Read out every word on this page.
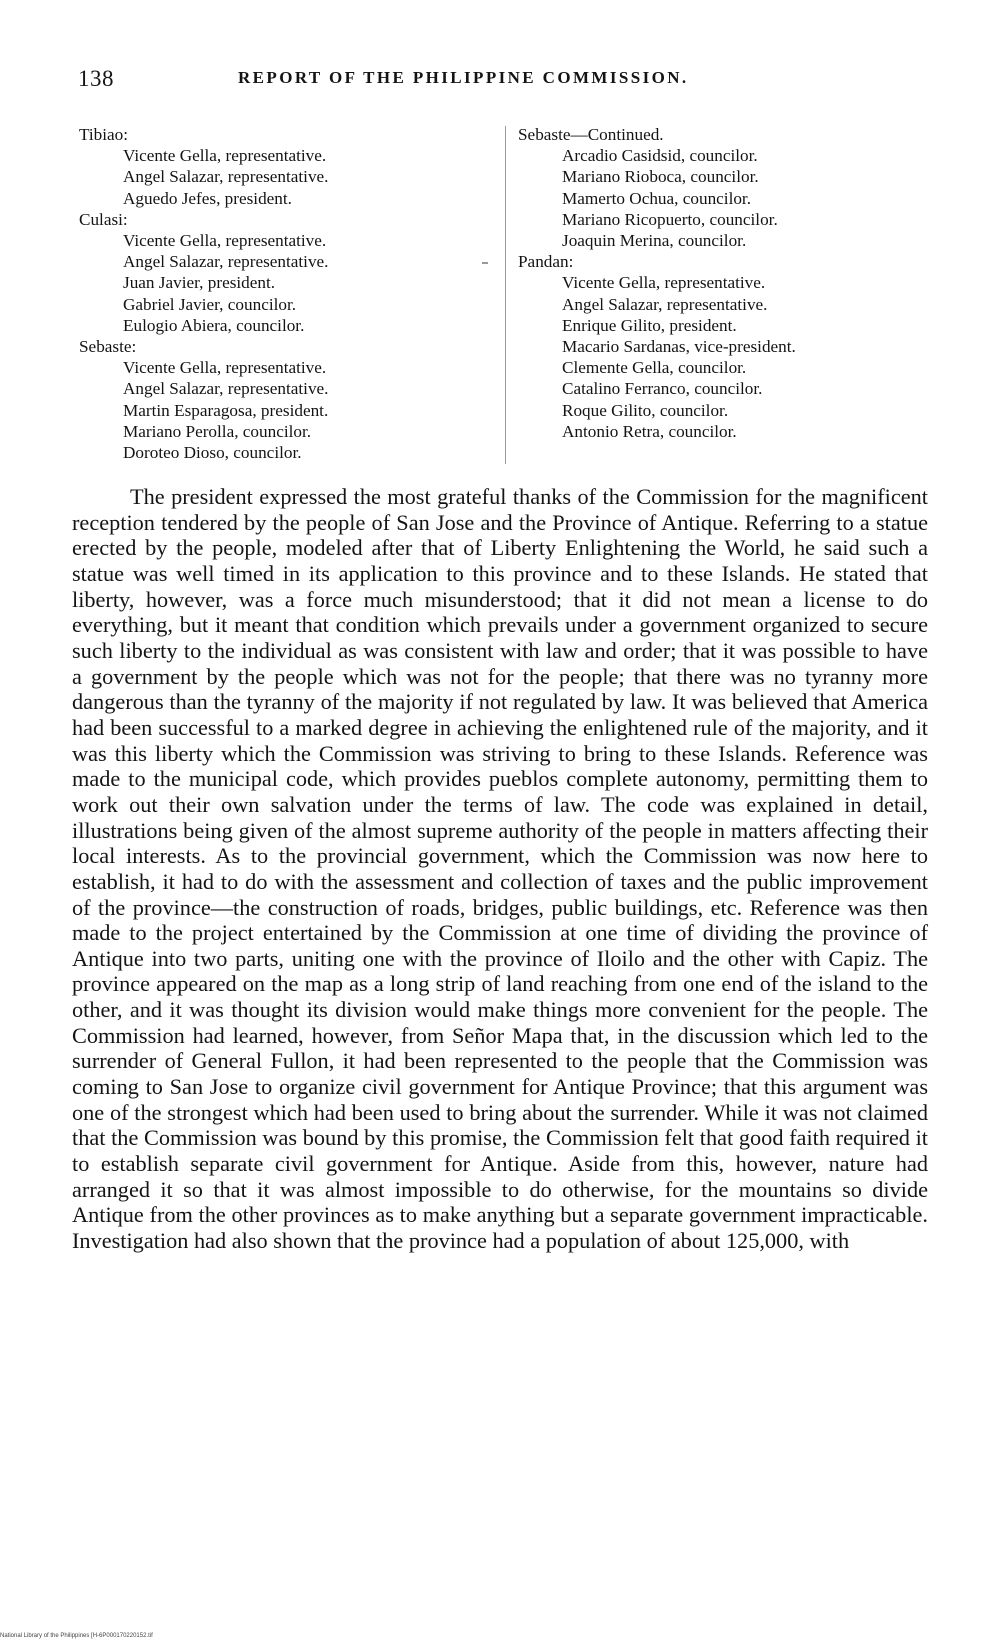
138	REPORT OF THE PHILIPPINE COMMISSION.

Tibiao:

Vicente Gella, representative.

Angel Salazar, representative.

Aguedo Jefes, president.

Culasi:

Vicente Gella, representative.

Angel Salazar, representative.

Juan Javier, president.

Gabriel Javier, councilor.

Eulogio Abiera, councilor.

Sebaste:

Vicente Gella, representative.

Angel Salazar, representative.

Martin Esparagosa, president.

Mariano Perolla, councilor.

Doroteo Dioso, councilor.

Sebaste—Continued.

Arcadio Casidsid, councilor.

Mariano Rioboca, councilor.

Mamerto Ochua, councilor.

Mariano Ricopuerto, councilor.

Joaquin Merina, councilor.

Pandan:

Vicente Gella, representative.

Angel Salazar, representative.

Enrique Gilito, president.

Macario Sardanas, vice-president.

Clemente Gella, councilor.

Catalino Ferranco, councilor.

Roque Gilito, councilor.

Antonio Retra, councilor.

The president expressed the most grateful thanks of the Commission for the magnificent reception tendered by the people of San Jose and the Province of Antique. Referring to a statue erected by the people, modeled after that of Liberty Enlightening the World, he said such a statue was well timed in its application to this province and to these Islands. He stated that liberty, however, was a force much misunderstood; that it did not mean a license to do everything, but it meant that condition which prevails under a government organized to secure such liberty to the individual as was consistent with law and order; that it was possible to have a government by the people which was not for the people; that there was no tyranny more dangerous than the tyranny of the majority if not regulated by law. It was believed that America had been successful to a marked degree in achieving the enlightened rule of the majority, and it was this liberty which the Commission was striving to bring to these Islands. Reference was made to the municipal code, which provides pueblos complete autonomy, permitting them to work out their own salvation under the terms of law. The code was explained in detail, illustrations being given of the almost supreme authority of the people in matters affecting their local interests. As to the provincial government, which the Commission was now here to establish, it had to do with the assessment and collection of taxes and the public improvement of the province—the construction of roads, bridges, public buildings, etc. Reference was then made to the project entertained by the Commission at one time of dividing the province of Antique into two parts, uniting one with the province of Iloilo and the other with Capiz. The province appeared on the map as a long strip of land reaching from one end of the island to the other, and it was thought its division would make things more convenient for the people. The Commission had learned, however, from Señor Mapa that, in the discussion which led to the surrender of General Fullon, it had been represented to the people that the Commission was coming to San Jose to organize civil government for Antique Province; that this argument was one of the strongest which had been used to bring about the surrender. While it was not claimed that the Commission was bound by this promise, the Commission felt that good faith required it to establish separate civil government for Antique. Aside from this, however, nature had arranged it so that it was almost impossible to do otherwise, for the mountains so divide Antique from the other provinces as to make anything but a separate government impracticable. Investigation had also shown that the province had a population of about 125,000, with

National Library of the Philippines [H-6P000170220152.tif
